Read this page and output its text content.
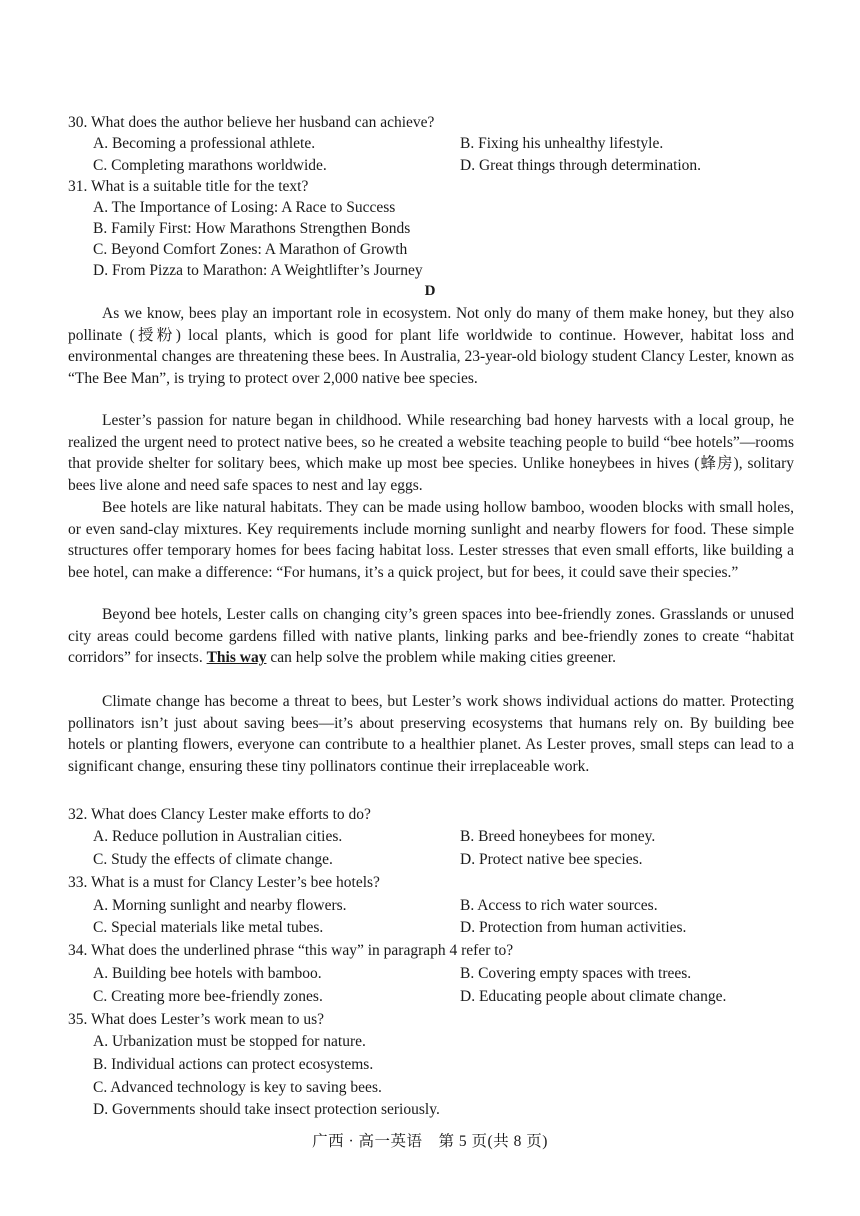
30. What does the author believe her husband can achieve?
A. Becoming a professional athlete.	B. Fixing his unhealthy lifestyle.
C. Completing marathons worldwide.	D. Great things through determination.
31. What is a suitable title for the text?
A. The Importance of Losing: A Race to Success
B. Family First: How Marathons Strengthen Bonds
C. Beyond Comfort Zones: A Marathon of Growth
D. From Pizza to Marathon: A Weightlifter’s Journey
D

As we know, bees play an important role in ecosystem. Not only do many of them make honey, but they also pollinate (授粉) local plants, which is good for plant life worldwide to continue. However, habitat loss and environmental changes are threatening these bees. In Australia, 23-year-old biology student Clancy Lester, known as “The Bee Man”, is trying to protect over 2,000 native bee species.

Lester’s passion for nature began in childhood. While researching bad honey harvests with a local group, he realized the urgent need to protect native bees, so he created a website teaching people to build “bee hotels”—rooms that provide shelter for solitary bees, which make up most bee species. Unlike honeybees in hives (蜂房), solitary bees live alone and need safe spaces to nest and lay eggs.

Bee hotels are like natural habitats. They can be made using hollow bamboo, wooden blocks with small holes, or even sand-clay mixtures. Key requirements include morning sunlight and nearby flowers for food. These simple structures offer temporary homes for bees facing habitat loss. Lester stresses that even small efforts, like building a bee hotel, can make a difference: “For humans, it’s a quick project, but for bees, it could save their species.”

Beyond bee hotels, Lester calls on changing city’s green spaces into bee-friendly zones. Grasslands or unused city areas could become gardens filled with native plants, linking parks and bee-friendly zones to create “habitat corridors” for insects. This way can help solve the problem while making cities greener.

Climate change has become a threat to bees, but Lester’s work shows individual actions do matter. Protecting pollinators isn’t just about saving bees—it’s about preserving ecosystems that humans rely on. By building bee hotels or planting flowers, everyone can contribute to a healthier planet. As Lester proves, small steps can lead to a significant change, ensuring these tiny pollinators continue their irreplaceable work.

32. What does Clancy Lester make efforts to do?
A. Reduce pollution in Australian cities.	B. Breed honeybees for money.
C. Study the effects of climate change.	D. Protect native bee species.
33. What is a must for Clancy Lester’s bee hotels?
A. Morning sunlight and nearby flowers.	B. Access to rich water sources.
C. Special materials like metal tubes.	D. Protection from human activities.
34. What does the underlined phrase “this way” in paragraph 4 refer to?
A. Building bee hotels with bamboo.	B. Covering empty spaces with trees.
C. Creating more bee-friendly zones.	D. Educating people about climate change.
35. What does Lester’s work mean to us?
A. Urbanization must be stopped for nature.
B. Individual actions can protect ecosystems.
C. Advanced technology is key to saving bees.
D. Governments should take insect protection seriously.
广西 · 高一英语　第 5 页(共 8 页)
